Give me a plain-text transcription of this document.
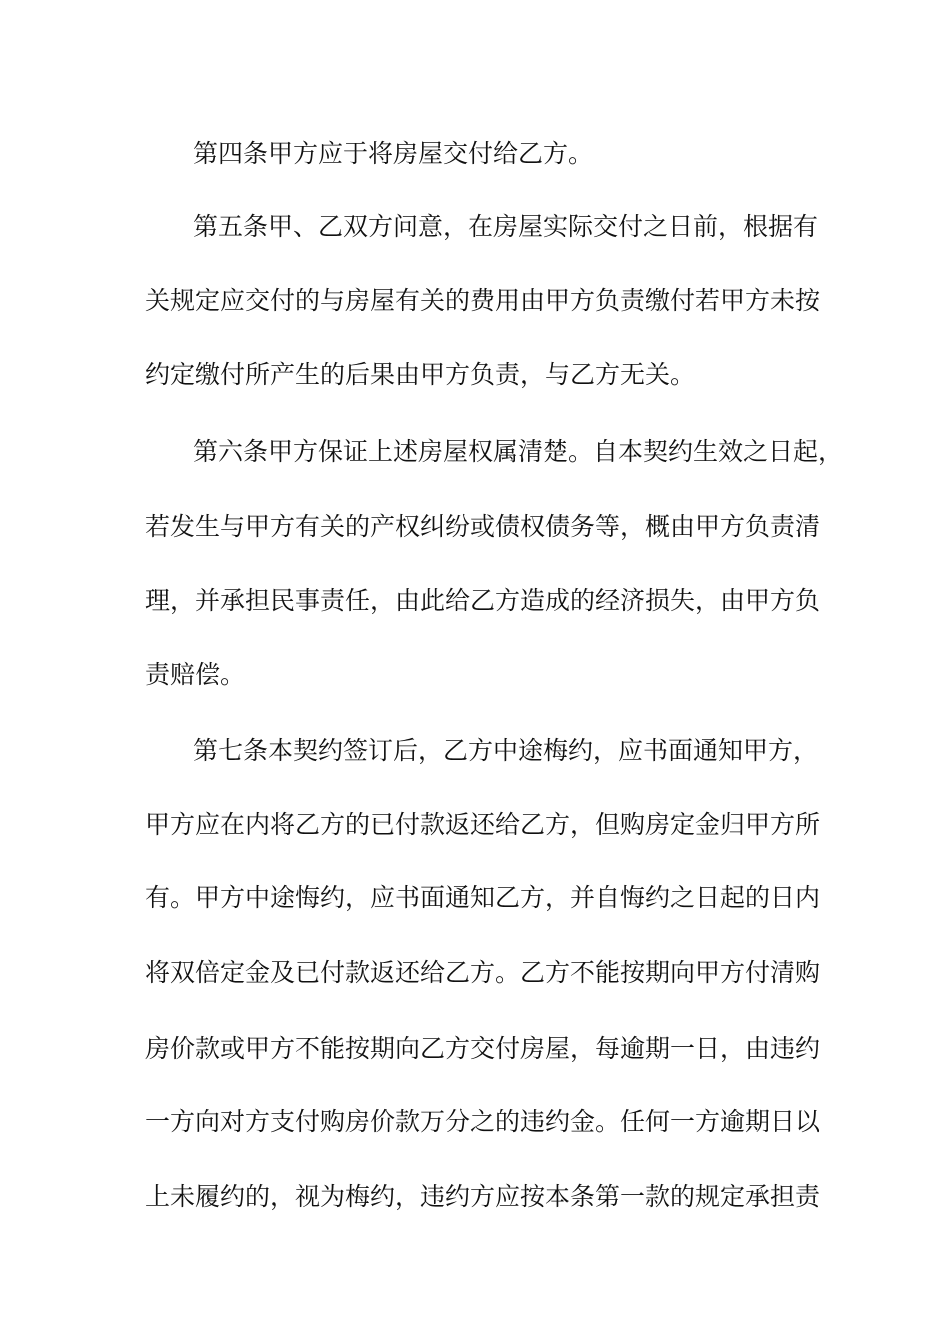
第四条甲方应于将房屋交付给乙方。
第五条甲、乙双方问意，在房屋实际交付之日前，根据有
关规定应交付的与房屋有关的费用由甲方负责缴付若甲方未按
约定缴付所产生的后果由甲方负责，与乙方无关。
第六条甲方保证上述房屋权属清楚。自本契约生效之日起，
若发生与甲方有关的产权纠纷或债权债务等，概由甲方负责清
理，并承担民事责任，由此给乙方造成的经济损失，由甲方负
责赔偿。
第七条本契约签订后，乙方中途梅约，应书面通知甲方，
甲方应在内将乙方的已付款返还给乙方，但购房定金归甲方所
有。甲方中途悔约，应书面通知乙方，并自悔约之日起的日内
将双倍定金及已付款返还给乙方。乙方不能按期向甲方付清购
房价款或甲方不能按期向乙方交付房屋，每逾期一日，由违约
一方向对方支付购房价款万分之的违约金。任何一方逾期日以
上未履约的，视为梅约，违约方应按本条第一款的规定承担责
